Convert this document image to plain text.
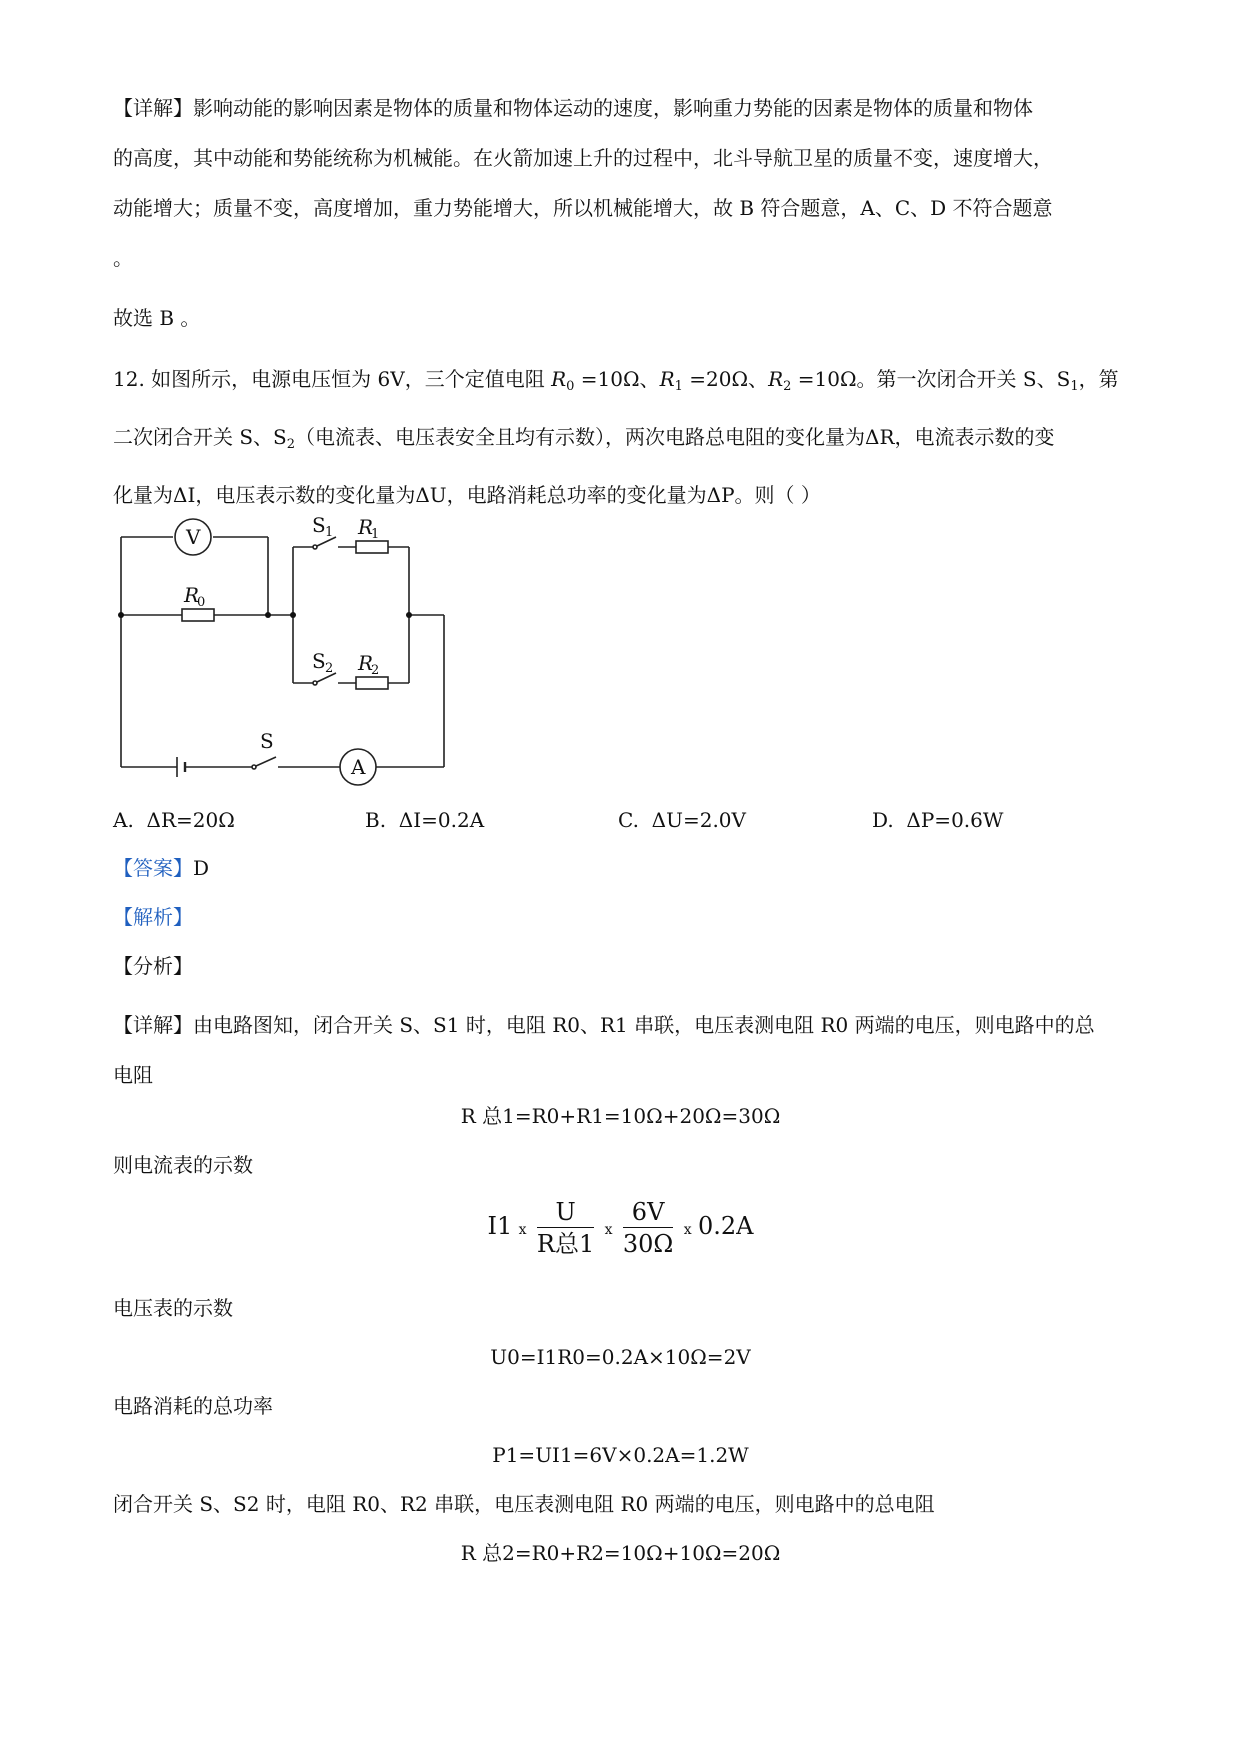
【详解】影响动能的影响因素是物体的质量和物体运动的速度，影响重力势能的因素是物体的质量和物体
的高度，其中动能和势能统称为机械能。在火箭加速上升的过程中，北斗导航卫星的质量不变，速度增大，
动能增大；质量不变，高度增加，重力势能增大，所以机械能增大，故 B 符合题意，A、C、D 不符合题意
。

故选 B 。

12. 如图所示，电源电压恒为 6V，三个定值电阻 $R_0 =10\Omega$、$R_1 =20\Omega$、$R_2 =10\Omega$。第一次闭合开关 S、$S_1$，第
二次闭合开关 S、$S_2$（电流表、电压表安全且均有示数），两次电路总电阻的变化量为ΔR，电流表示数的变
化量为ΔI，电压表示数的变化量为ΔU，电路消耗总功率的变化量为ΔP。则（ ）

V
A
R
0
R
1
R
2
S 1
S 2
S
A. ΔR=20Ω	B. ΔI=0.2A	C. ΔU=2.0V	D. ΔP=0.6W

【答案】D

【解析】

【分析】

【详解】由电路图知，闭合开关 S、S1 时，电阻 R0、R1 串联，电压表测电阻 R0 两端的电压，则电路中的总
电阻

R 总1=R0+R1=10Ω+20Ω=30Ω

则电流表的示数

I1 ⅹ $\frac{U}{\text{R总1}}$ ⅹ $\frac{6V}{30\Omega}$ ⅹ 0.2A

电压表的示数

U0=I1R0=0.2A×10Ω=2V

电路消耗的总功率

P1=UI1=6V×0.2A=1.2W

闭合开关 S、S2 时，电阻 R0、R2 串联，电压表测电阻 R0 两端的电压，则电路中的总电阻

R 总2=R0+R2=10Ω+10Ω=20Ω
